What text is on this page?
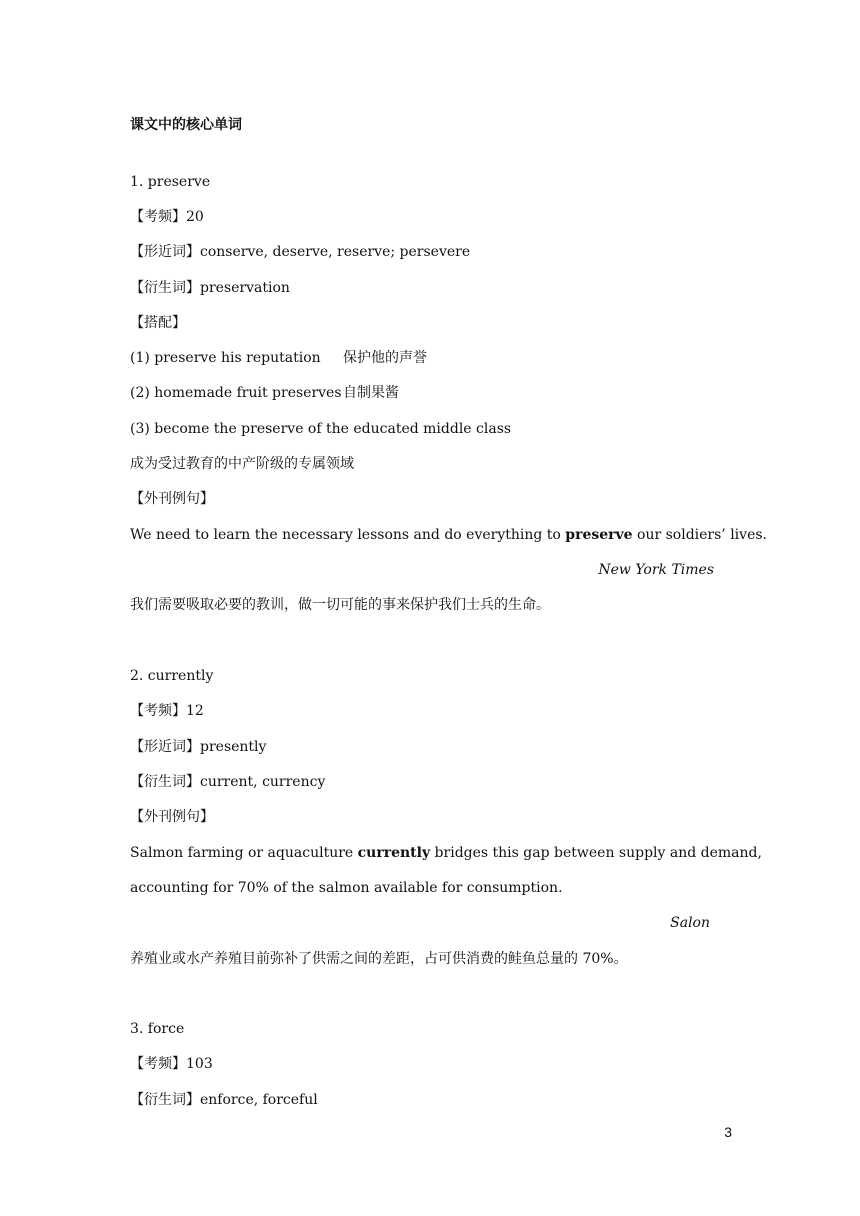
课文中的核心单词
1. preserve
【考频】20
【形近词】conserve, deserve, reserve; persevere
【衍生词】preservation
【搭配】
(1) preserve his reputation 保护他的声誉
(2) homemade fruit preserves 自制果酱
(3) become the preserve of the educated middle class
成为受过教育的中产阶级的专属领域
【外刊例句】
We need to learn the necessary lessons and do everything to preserve our soldiers’ lives.
New York Times
我们需要吸取必要的教训，做一切可能的事来保护我们士兵的生命。
2. currently
【考频】12
【形近词】presently
【衍生词】current, currency
【外刊例句】
Salmon farming or aquaculture currently bridges this gap between supply and demand,
accounting for 70% of the salmon available for consumption.
Salon
养殖业或水产养殖目前弥补了供需之间的差距，占可供消费的鲑鱼总量的 70%。
3. force
【考频】103
【衍生词】enforce, forceful
3
